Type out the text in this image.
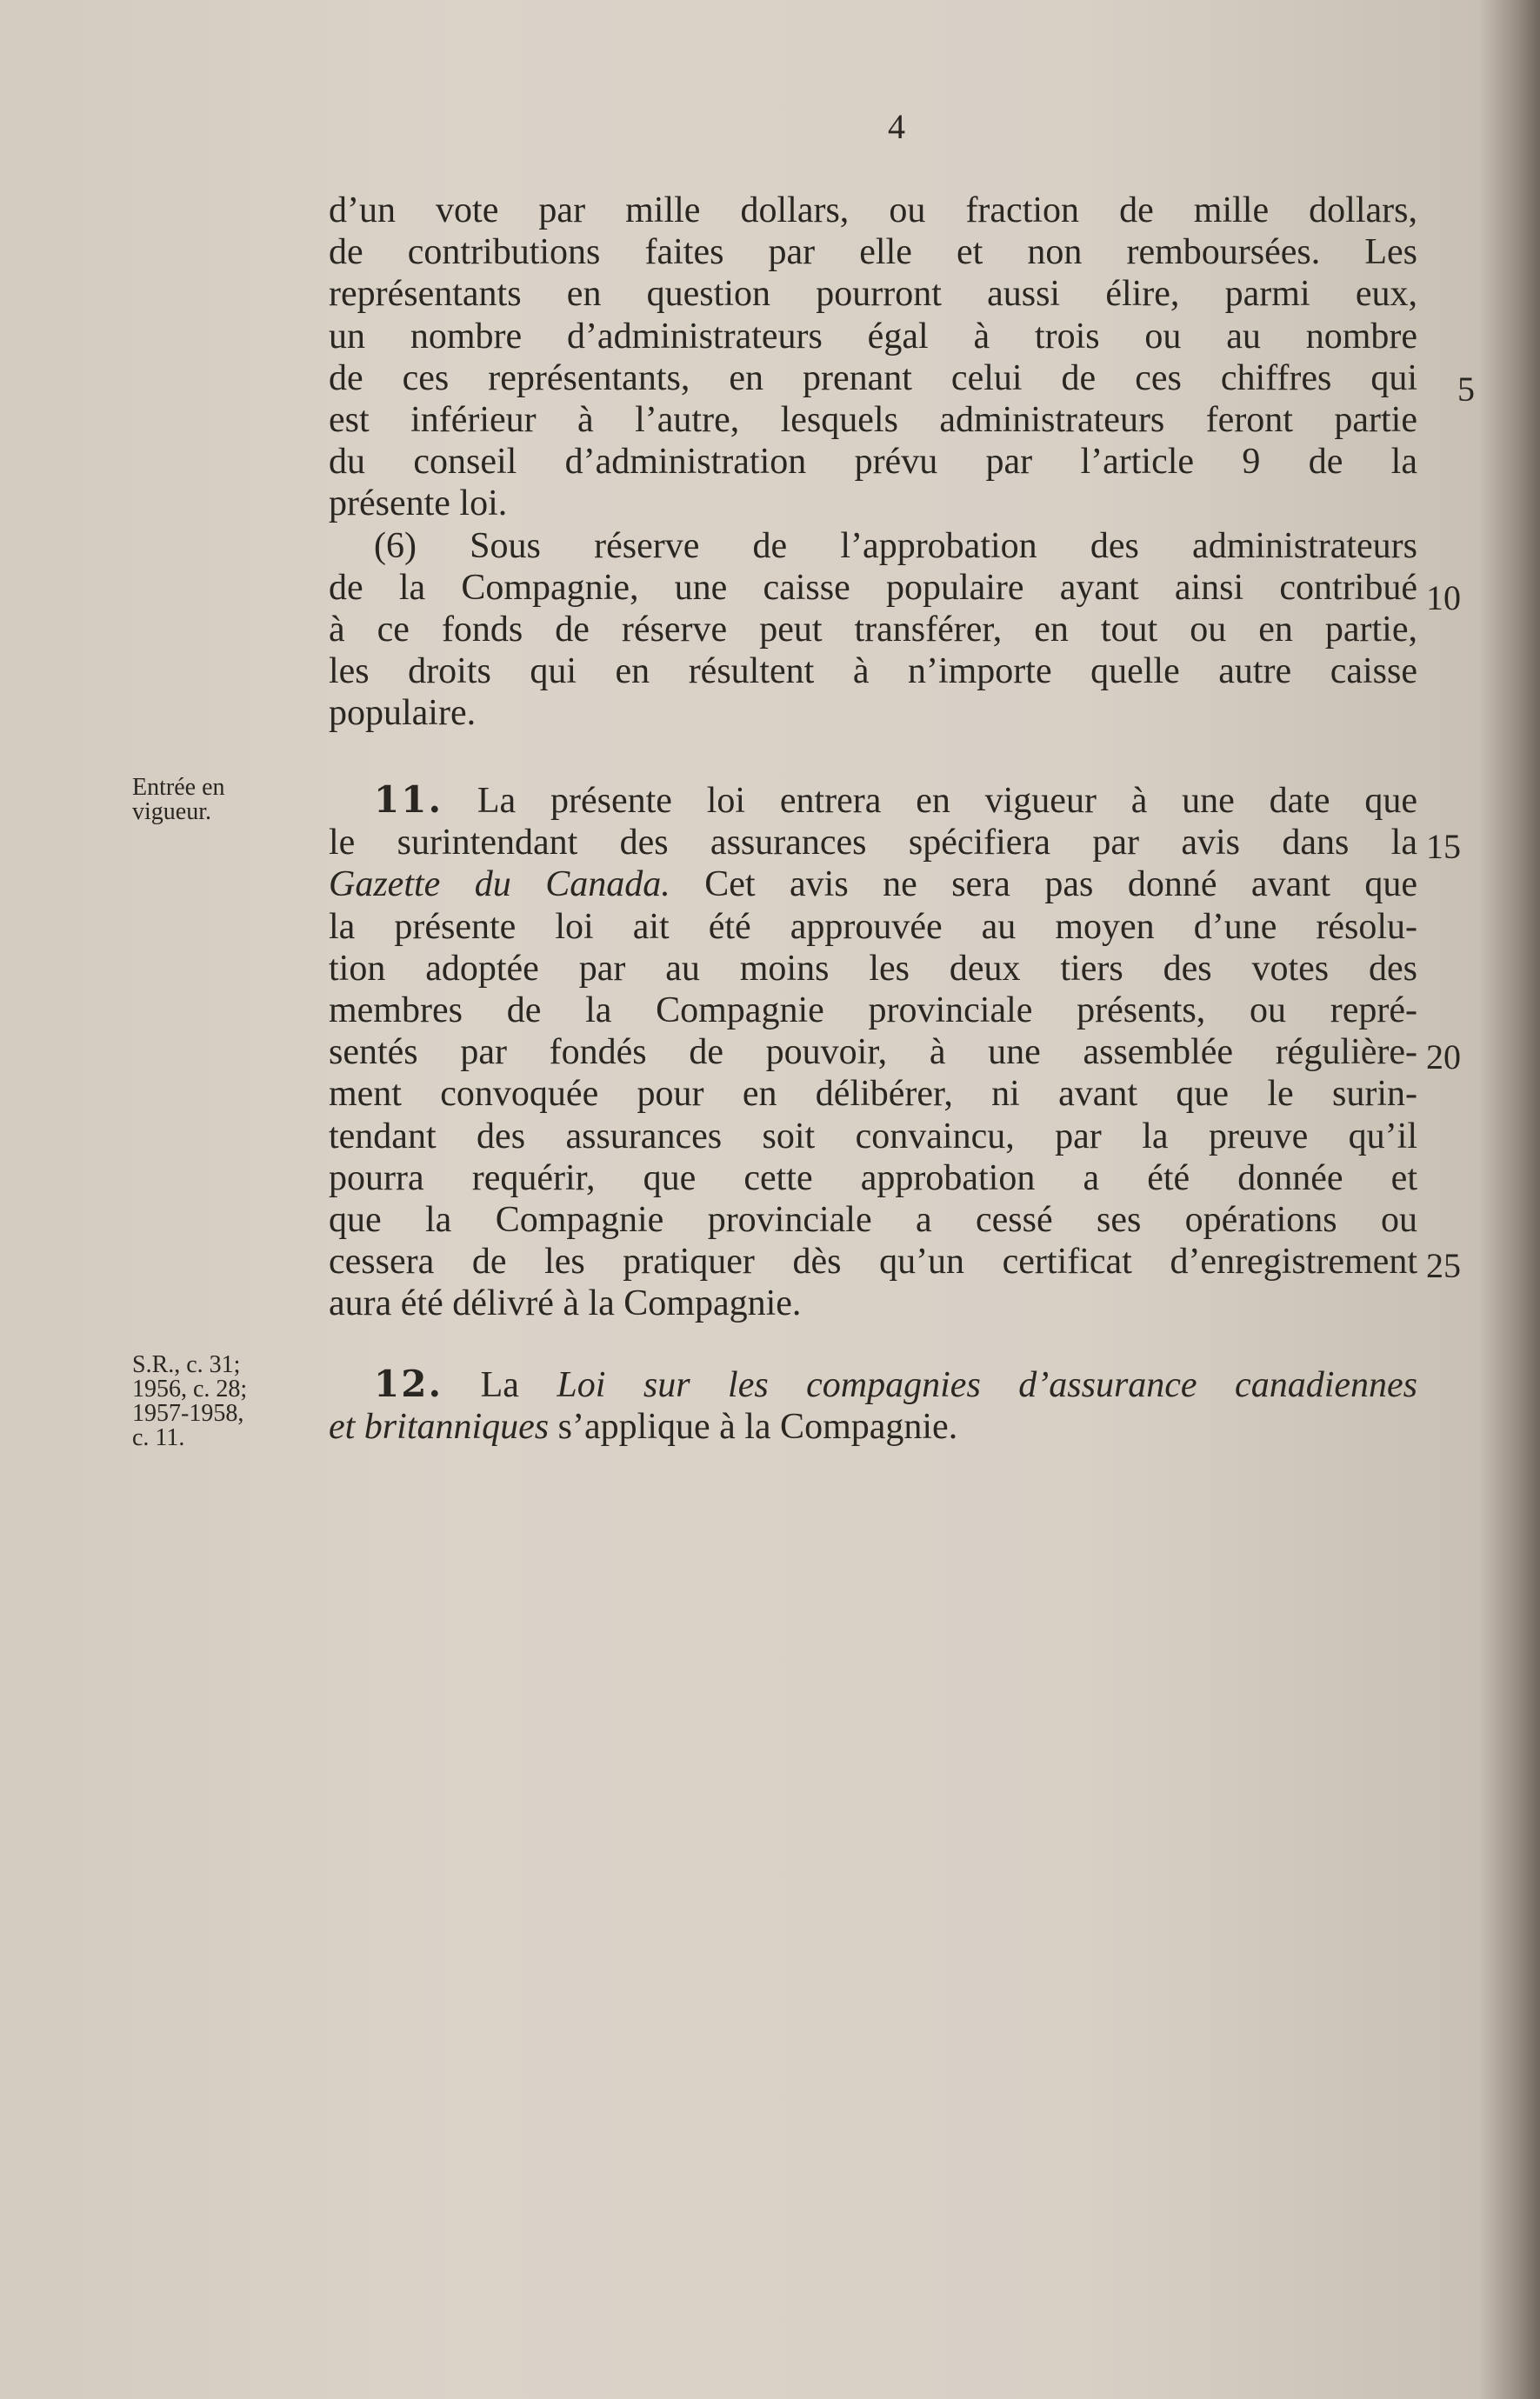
4
d’un vote par mille dollars, ou fraction de mille dollars,
de contributions faites par elle et non remboursées. Les
représentants en question pourront aussi élire, parmi eux,
un nombre d’administrateurs égal à trois ou au nombre
de ces représentants, en prenant celui de ces chiffres qui
est inférieur à l’autre, lesquels administrateurs feront partie
du conseil d’administration prévu par l’article 9 de la
présente loi.
(6) Sous réserve de l’approbation des administrateurs
de la Compagnie, une caisse populaire ayant ainsi contribué
à ce fonds de réserve peut transférer, en tout ou en partie,
les droits qui en résultent à n’importe quelle autre caisse
populaire.
Entrée en
vigueur.	11. La présente loi entrera en vigueur à une date que
le surintendant des assurances spécifiera par avis dans la
Gazette du Canada. Cet avis ne sera pas donné avant que
la présente loi ait été approuvée au moyen d’une résolu-
tion adoptée par au moins les deux tiers des votes des
membres de la Compagnie provinciale présents, ou repré-
sentés par fondés de pouvoir, à une assemblée régulière-
ment convoquée pour en délibérer, ni avant que le surin-
tendant des assurances soit convaincu, par la preuve qu’il
pourra requérir, que cette approbation a été donnée et
que la Compagnie provinciale a cessé ses opérations ou
cessera de les pratiquer dès qu’un certificat d’enregistrement
aura été délivré à la Compagnie.
S.R., c. 31;
1956, c. 28;
1957-1958,
c. 11.
12. La Loi sur les compagnies d’assurance canadiennes
et britanniques s’applique à la Compagnie.
5
10
15
20
25
